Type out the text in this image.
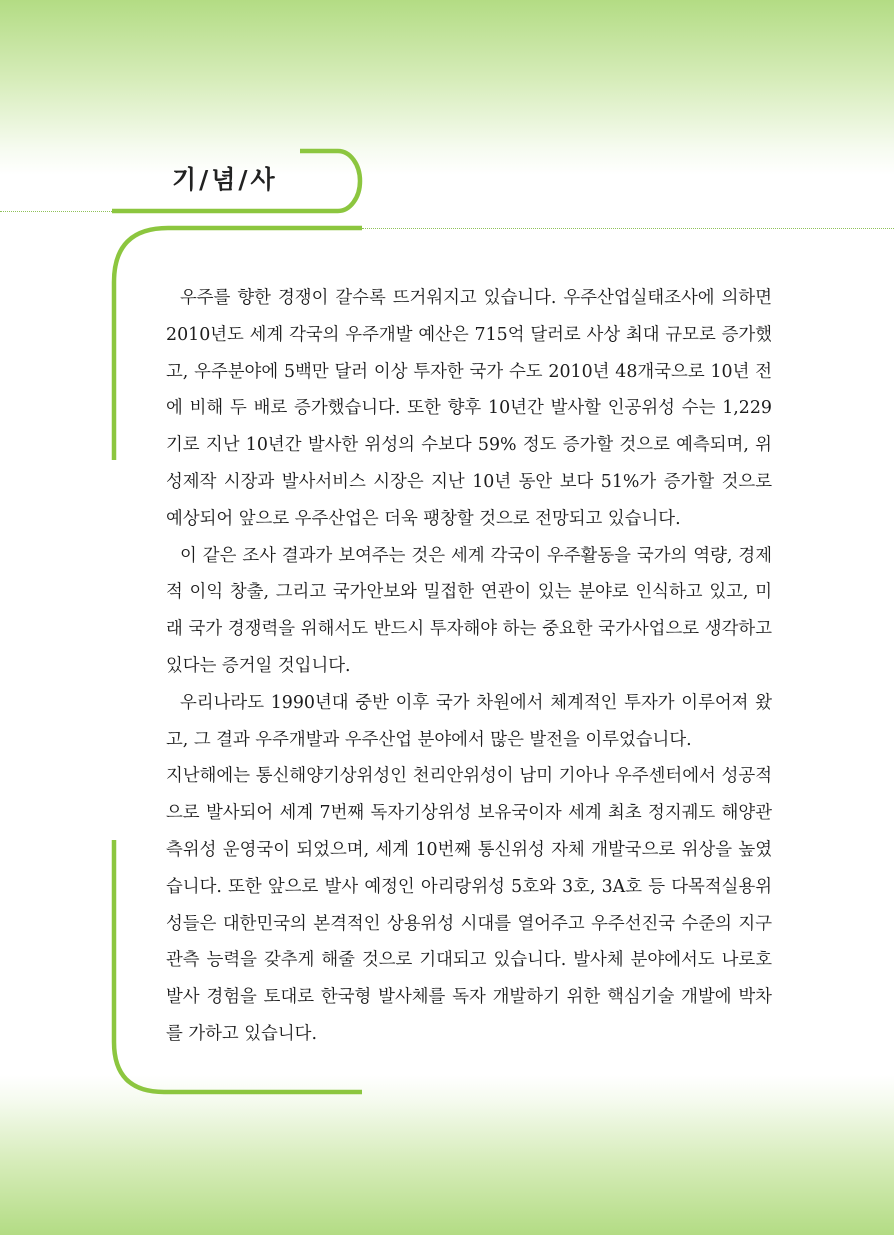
기/념/사

우주를 향한 경쟁이 갈수록 뜨거워지고 있습니다. 우주산업실태조사에 의하면 2010년도 세계 각국의 우주개발 예산은 715억 달러로 사상 최대 규모로 증가했고, 우주분야에 5백만 달러 이상 투자한 국가 수도 2010년 48개국으로 10년 전에 비해 두 배로 증가했습니다. 또한 향후 10년간 발사할 인공위성 수는 1,229기로 지난 10년간 발사한 위성의 수보다 59% 정도 증가할 것으로 예측되며, 위성제작 시장과 발사서비스 시장은 지난 10년 동안 보다 51%가 증가할 것으로 예상되어 앞으로 우주산업은 더욱 팽창할 것으로 전망되고 있습니다.

이 같은 조사 결과가 보여주는 것은 세계 각국이 우주활동을 국가의 역량, 경제적 이익 창출, 그리고 국가안보와 밀접한 연관이 있는 분야로 인식하고 있고, 미래 국가 경쟁력을 위해서도 반드시 투자해야 하는 중요한 국가사업으로 생각하고 있다는 증거일 것입니다.

우리나라도 1990년대 중반 이후 국가 차원에서 체계적인 투자가 이루어져 왔고, 그 결과 우주개발과 우주산업 분야에서 많은 발전을 이루었습니다.

지난해에는 통신해양기상위성인 천리안위성이 남미 기아나 우주센터에서 성공적으로 발사되어 세계 7번째 독자기상위성 보유국이자 세계 최초 정지궤도 해양관측위성 운영국이 되었으며, 세계 10번째 통신위성 자체 개발국으로 위상을 높였습니다. 또한 앞으로 발사 예정인 아리랑위성 5호와 3호, 3A호 등 다목적실용위성들은 대한민국의 본격적인 상용위성 시대를 열어주고 우주선진국 수준의 지구관측 능력을 갖추게 해줄 것으로 기대되고 있습니다. 발사체 분야에서도 나로호 발사 경험을 토대로 한국형 발사체를 독자 개발하기 위한 핵심기술 개발에 박차를 가하고 있습니다.
